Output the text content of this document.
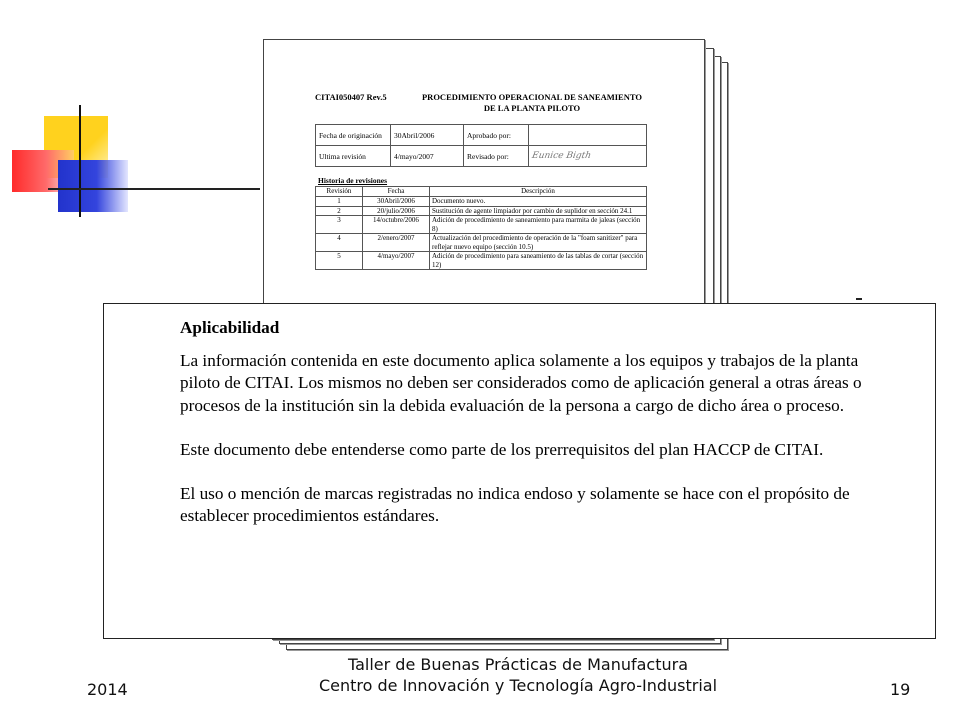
CITAI050407 Rev.5	PROCEDIMIENTO OPERACIONAL DE SANEAMIENTO
DE LA PLANTA PILOTO
Fecha de originación	30Abril/2006	Aprobado por:	
Ultima revisión	4/mayo/2007	Revisado por:	Eunice Bigth
Historia de revisiones
Revisión	Fecha	Descripción
1	30Abril/2006	Documento nuevo.
2	20/julio/2006	Sustitución de agente limpiador por cambio de suplidor en sección 24.1
3	14/octubre/2006	Adición de procedimiento de saneamiento para marmita de jaleas (sección 8)
4	2/enero/2007	Actualización del procedimiento de operación de la "foam sanitizer" para reflejar nuevo equipo (sección 10.5)
5	4/mayo/2007	Adición de procedimiento para saneamiento de las tablas de cortar (sección 12)

Aplicabilidad

La información contenida en este documento aplica solamente a los equipos y trabajos de la planta piloto de CITAI. Los mismos no deben ser considerados como de aplicación general a otras áreas o procesos de la institución sin la debida evaluación de la persona a cargo de dicho área o proceso.

Este documento debe entenderse como parte de los prerrequisitos del plan HACCP de CITAI.

El uso o mención de marcas registradas no indica endoso y solamente se hace con el propósito de establecer procedimientos estándares.

2014
Taller de Buenas Prácticas de Manufactura
Centro de Innovación y Tecnología Agro-Industrial	19
